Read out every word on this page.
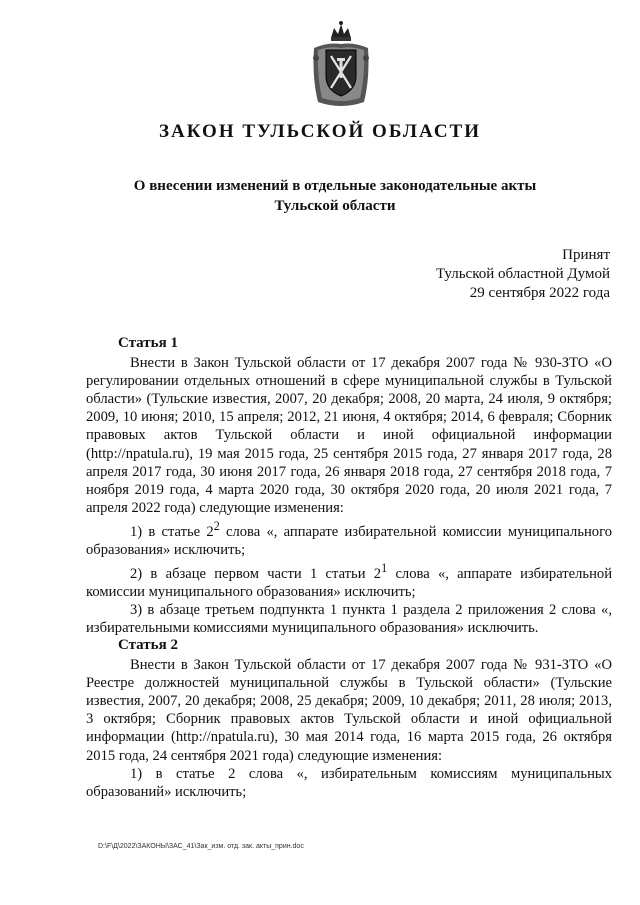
ЗАКОН ТУЛЬСКОЙ ОБЛАСТИ
О внесении изменений в отдельные законодательные акты
Тульской области
Принят
Тульской областной Думой
29 сентября 2022 года
Статья 1

Внести в Закон Тульской области от 17 декабря 2007 года № 930-ЗТО «О регулировании отдельных отношений в сфере муниципальной службы в Тульской области» (Тульские известия, 2007, 20 декабря; 2008, 20 марта, 24 июля, 9 октября; 2009, 10 июня; 2010, 15 апреля; 2012, 21 июня, 4 октября; 2014, 6 февраля; Сборник правовых актов Тульской области и иной официальной информации (http://npatula.ru), 19 мая 2015 года, 25 сентября 2015 года, 27 января 2017 года, 28 апреля 2017 года, 30 июня 2017 года, 26 января 2018 года, 27 сентября 2018 года, 7 ноября 2019 года, 4 марта 2020 года, 30 октября 2020 года, 20 июля 2021 года, 7 апреля 2022 года) следующие изменения:

1) в статье $2^2$ слова «, аппарате избирательной комиссии муниципального образования» исключить;

2) в абзаце первом части 1 статьи $2^1$ слова «, аппарате избирательной комиссии муниципального образования» исключить;

3) в абзаце третьем подпункта 1 пункта 1 раздела 2 приложения 2 слова «, избирательными комиссиями муниципального образования» исключить.

Статья 2

Внести в Закон Тульской области от 17 декабря 2007 года № 931-ЗТО «О Реестре должностей муниципальной службы в Тульской области» (Тульские известия, 2007, 20 декабря; 2008, 25 декабря; 2009, 10 декабря; 2011, 28 июля; 2013, 3 октября; Сборник правовых актов Тульской области и иной официальной информации (http://npatula.ru), 30 мая 2014 года, 16 марта 2015 года, 26 октября 2015 года, 24 сентября 2021 года) следующие изменения:

1) в статье 2 слова «, избирательным комиссиям муниципальных образований» исключить;

D:\F\Д\2022\ЗАКОНЫ\ЗАС_41\Зак_изм. отд. зак. акты_прин.doc
